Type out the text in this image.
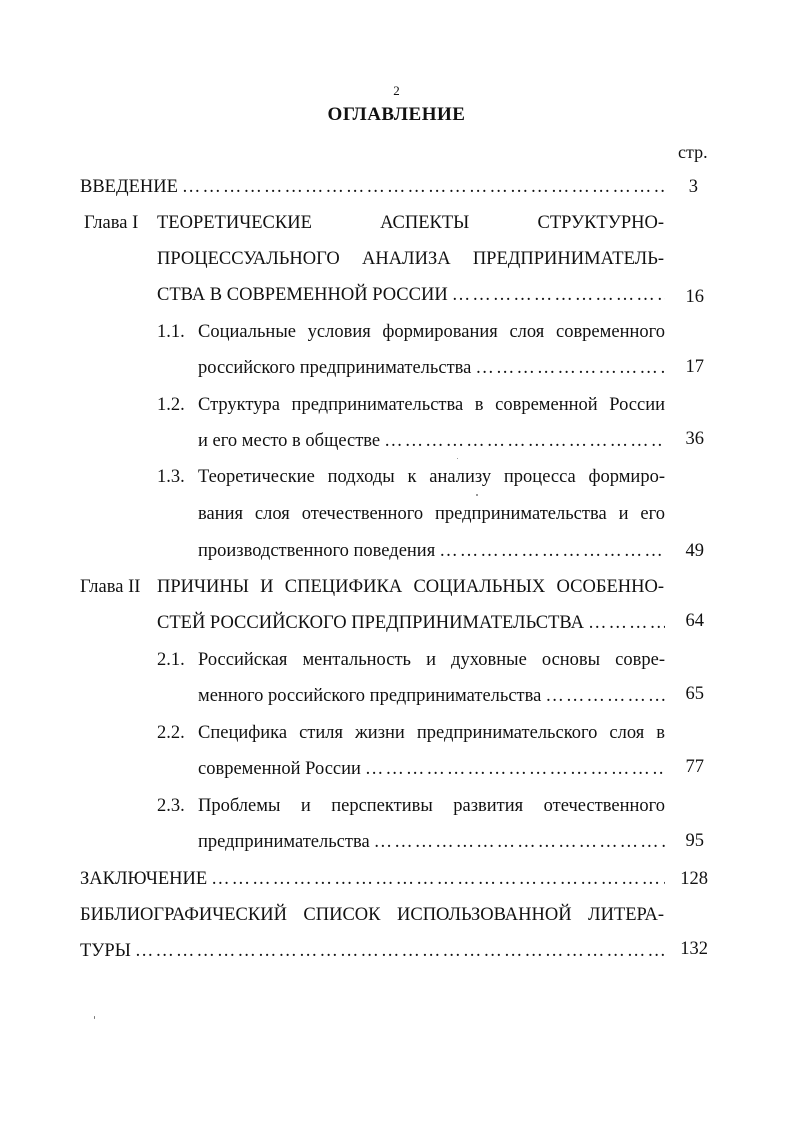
2
ОГЛАВЛЕНИЕ
стр.
ВВЕДЕНИЕ …………………………………………………………………………………………………………………………………………	3
Глава I ТЕОРЕТИЧЕСКИЕ АСПЕКТЫ СТРУКТУРНО-
ПРОЦЕССУАЛЬНОГО АНАЛИЗА ПРЕДПРИНИМАТЕЛЬ-
СТВА В СОВРЕМЕННОЙ РОССИИ …………………………………………………………………………………………………………………………………………	16
1.1. Социальные условия формирования слоя современного
российского предпринимательства …………………………………………………………………………………………………………………………………………	17
1.2. Структура предпринимательства в современной России
и его место в обществе …………………………………………………………………………………………………………………………………………	36
1.3. Теоретические подходы к анализу процесса формиро-
вания слоя отечественного предпринимательства и его
производственного поведения …………………………………………………………………………………………………………………………………………	49
Глава II ПРИЧИНЫ И СПЕЦИФИКА СОЦИАЛЬНЫХ ОСОБЕННО-
СТЕЙ РОССИЙСКОГО ПРЕДПРИНИМАТЕЛЬСТВА …………………………………………………………………………………………………………………………………………	64
2.1. Российская ментальность и духовные основы совре-
менного российского предпринимательства …………………………………………………………………………………………………………………………………………	65
2.2. Специфика стиля жизни предпринимательского слоя в
современной России …………………………………………………………………………………………………………………………………………	77
2.3. Проблемы и перспективы развития отечественного
предпринимательства …………………………………………………………………………………………………………………………………………	95
ЗАКЛЮЧЕНИЕ …………………………………………………………………………………………………………………………………………	128
БИБЛИОГРАФИЧЕСКИЙ СПИСОК ИСПОЛЬЗОВАННОЙ ЛИТЕРА-
ТУРЫ …………………………………………………………………………………………………………………………………………	132
